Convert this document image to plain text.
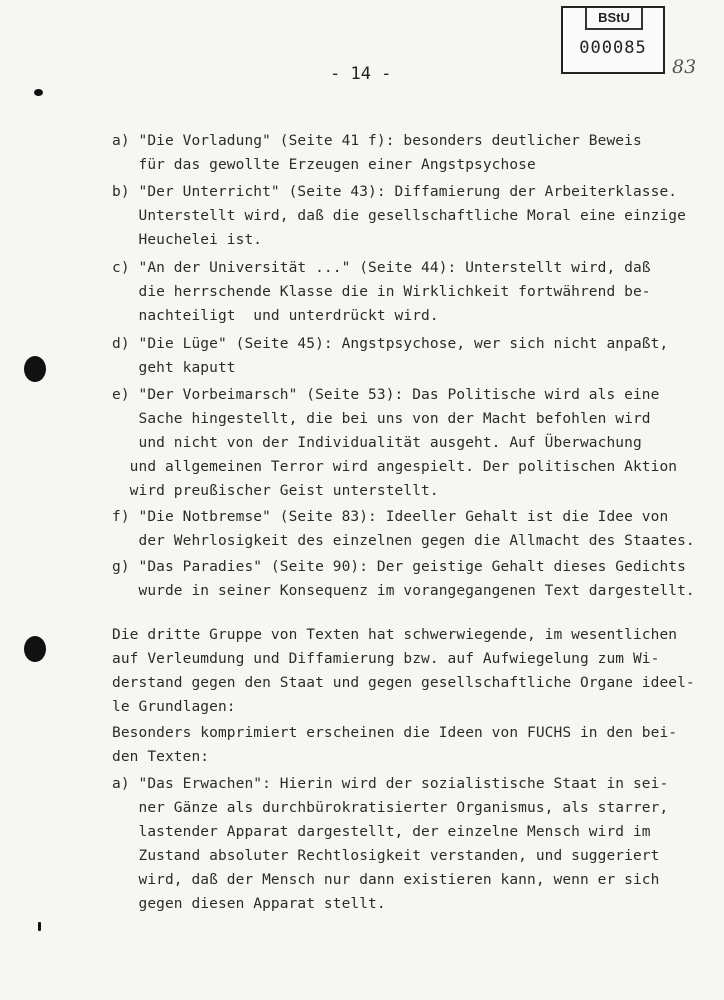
BStU
000085
83
- 14 -
a) "Die Vorladung" (Seite 41 f): besonders deutlicher Beweis
für das gewollte Erzeugen einer Angstpsychose
b) "Der Unterricht" (Seite 43): Diffamierung der Arbeiterklasse.
Unterstellt wird, daß die gesellschaftliche Moral eine einzige
Heuchelei ist.
c) "An der Universität ..." (Seite 44): Unterstellt wird, daß
die herrschende Klasse die in Wirklichkeit fortwährend be-
nachteiligt  und unterdrückt wird.
d) "Die Lüge" (Seite 45): Angstpsychose, wer sich nicht anpaßt,
geht kaputt
e) "Der Vorbeimarsch" (Seite 53): Das Politische wird als eine
Sache hingestellt, die bei uns von der Macht befohlen wird
und nicht von der Individualität ausgeht. Auf Überwachung
und allgemeinen Terror wird angespielt. Der politischen Aktion
wird preußischer Geist unterstellt.
f) "Die Notbremse" (Seite 83): Ideeller Gehalt ist die Idee von
der Wehrlosigkeit des einzelnen gegen die Allmacht des Staates.
g) "Das Paradies" (Seite 90): Der geistige Gehalt dieses Gedichts
wurde in seiner Konsequenz im vorangegangenen Text dargestellt.
Die dritte Gruppe von Texten hat schwerwiegende, im wesentlichen
auf Verleumdung und Diffamierung bzw. auf Aufwiegelung zum Wi-
derstand gegen den Staat und gegen gesellschaftliche Organe ideel-
le Grundlagen:
Besonders komprimiert erscheinen die Ideen von FUCHS in den bei-
den Texten:
a) "Das Erwachen": Hierin wird der sozialistische Staat in sei-
ner Gänze als durchbürokratisierter Organismus, als starrer,
lastender Apparat dargestellt, der einzelne Mensch wird im
Zustand absoluter Rechtlosigkeit verstanden, und suggeriert
wird, daß der Mensch nur dann existieren kann, wenn er sich
gegen diesen Apparat stellt.
